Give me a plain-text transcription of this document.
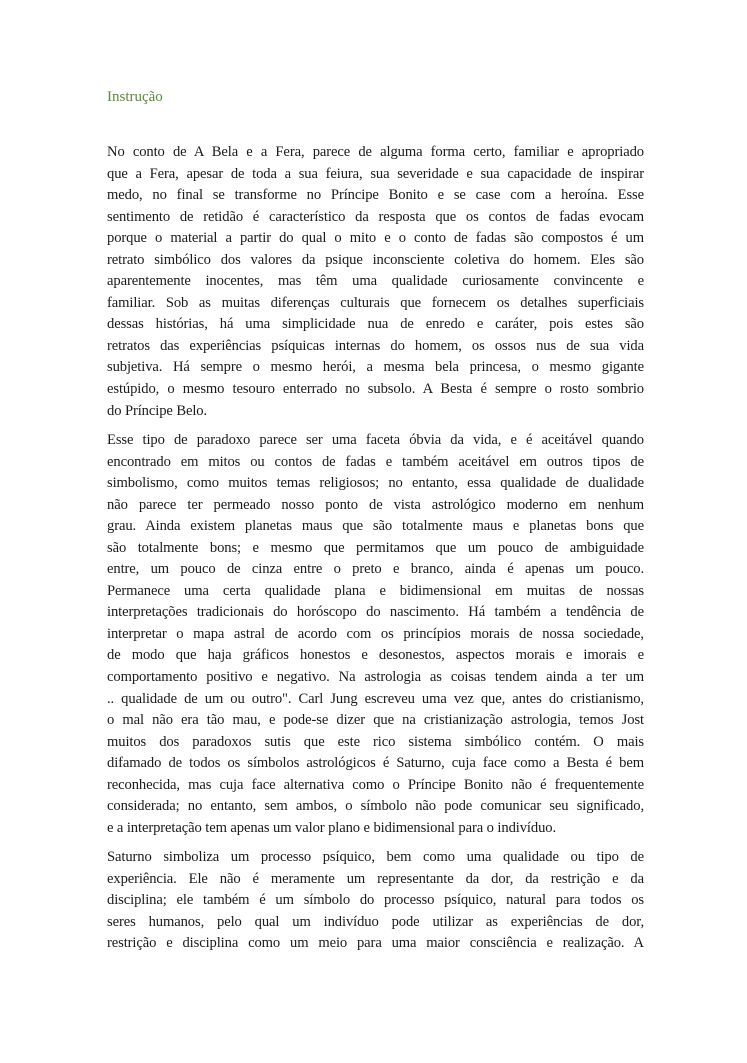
Instrução
No conto de A Bela e a Fera, parece de alguma forma certo, familiar e apropriado
que a Fera, apesar de toda a sua feiura, sua severidade e sua capacidade de inspirar
medo, no final se transforme no Príncipe Bonito e se case com a heroína. Esse
sentimento de retidão é característico da resposta que os contos de fadas evocam
porque o material a partir do qual o mito e o conto de fadas são compostos é um
retrato simbólico dos valores da psique inconsciente coletiva do homem. Eles são
aparentemente inocentes, mas têm uma qualidade curiosamente convincente e
familiar. Sob as muitas diferenças culturais que fornecem os detalhes superficiais
dessas histórias, há uma simplicidade nua de enredo e caráter, pois estes são
retratos das experiências psíquicas internas do homem, os ossos nus de sua vida
subjetiva. Há sempre o mesmo herói, a mesma bela princesa, o mesmo gigante
estúpido, o mesmo tesouro enterrado no subsolo. A Besta é sempre o rosto sombrio
do Príncipe Belo.
Esse tipo de paradoxo parece ser uma faceta óbvia da vida, e é aceitável quando
encontrado em mitos ou contos de fadas e também aceitável em outros tipos de
simbolismo, como muitos temas religiosos; no entanto, essa qualidade de dualidade
não parece ter permeado nosso ponto de vista astrológico moderno em nenhum
grau. Ainda existem planetas maus que são totalmente maus e planetas bons que
são totalmente bons; e mesmo que permitamos que um pouco de ambiguidade
entre, um pouco de cinza entre o preto e branco, ainda é apenas um pouco.
Permanece uma certa qualidade plana e bidimensional em muitas de nossas
interpretações tradicionais do horóscopo do nascimento. Há também a tendência de
interpretar o mapa astral de acordo com os princípios morais de nossa sociedade,
de modo que haja gráficos honestos e desonestos, aspectos morais e imorais e
comportamento positivo e negativo. Na astrologia as coisas tendem ainda a ter um
.. qualidade de um ou outro". Carl Jung escreveu uma vez que, antes do cristianismo,
o mal não era tão mau, e pode-se dizer que na cristianização astrologia, temos Jost
muitos dos paradoxos sutis que este rico sistema simbólico contém. O mais
difamado de todos os símbolos astrológicos é Saturno, cuja face como a Besta é bem
reconhecida, mas cuja face alternativa como o Príncipe Bonito não é frequentemente
considerada; no entanto, sem ambos, o símbolo não pode comunicar seu significado,
e a interpretação tem apenas um valor plano e bidimensional para o indivíduo.
Saturno simboliza um processo psíquico, bem como uma qualidade ou tipo de
experiência. Ele não é meramente um representante da dor, da restrição e da
disciplina; ele também é um símbolo do processo psíquico, natural para todos os
seres humanos, pelo qual um indivíduo pode utilizar as experiências de dor,
restrição e disciplina como um meio para uma maior consciência e realização. A
